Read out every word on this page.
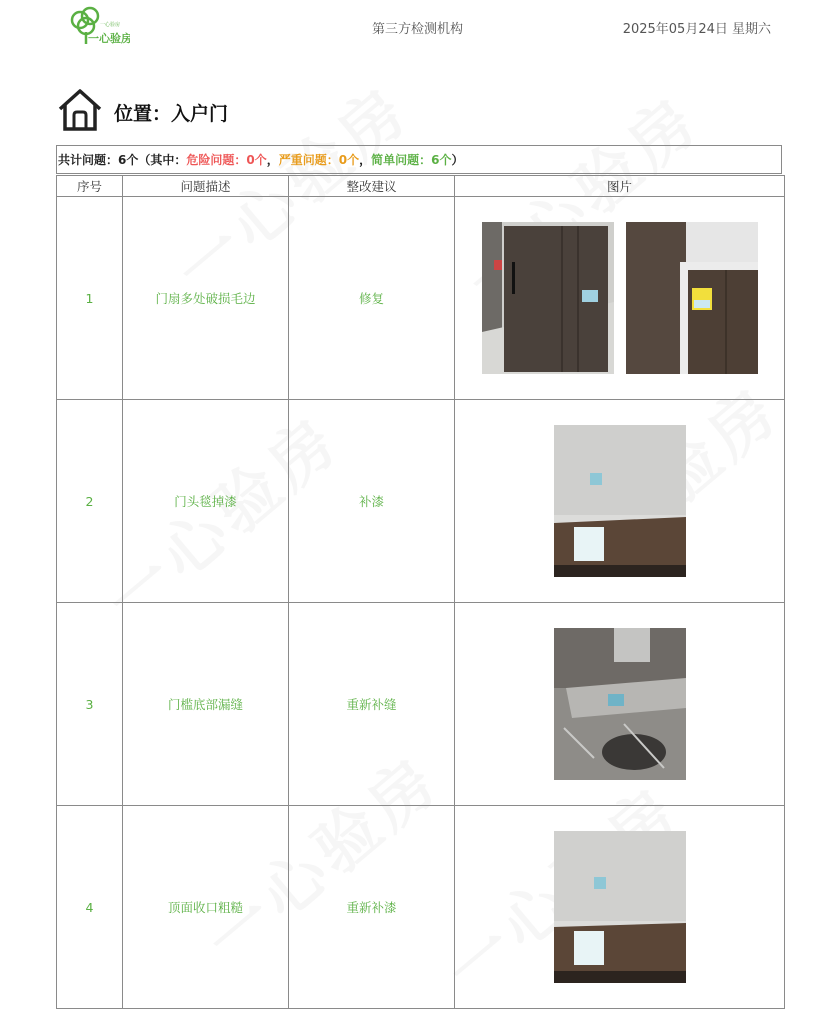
一心验房
一心验房
第三方检测机构	2025年05月24日 星期六
位置：入户门
共计问题：6个（其中： 危险问题：0个 ， 严重问题：0个 ， 简单问题：6个 ）
序号	问题描述	整改建议	图片
1	门扇多处破损毛边	修复	

2	门头毯掉漆	补漆	

3	门槛底部漏缝	重新补缝	

4	顶面收口粗糙	重新补漆	
